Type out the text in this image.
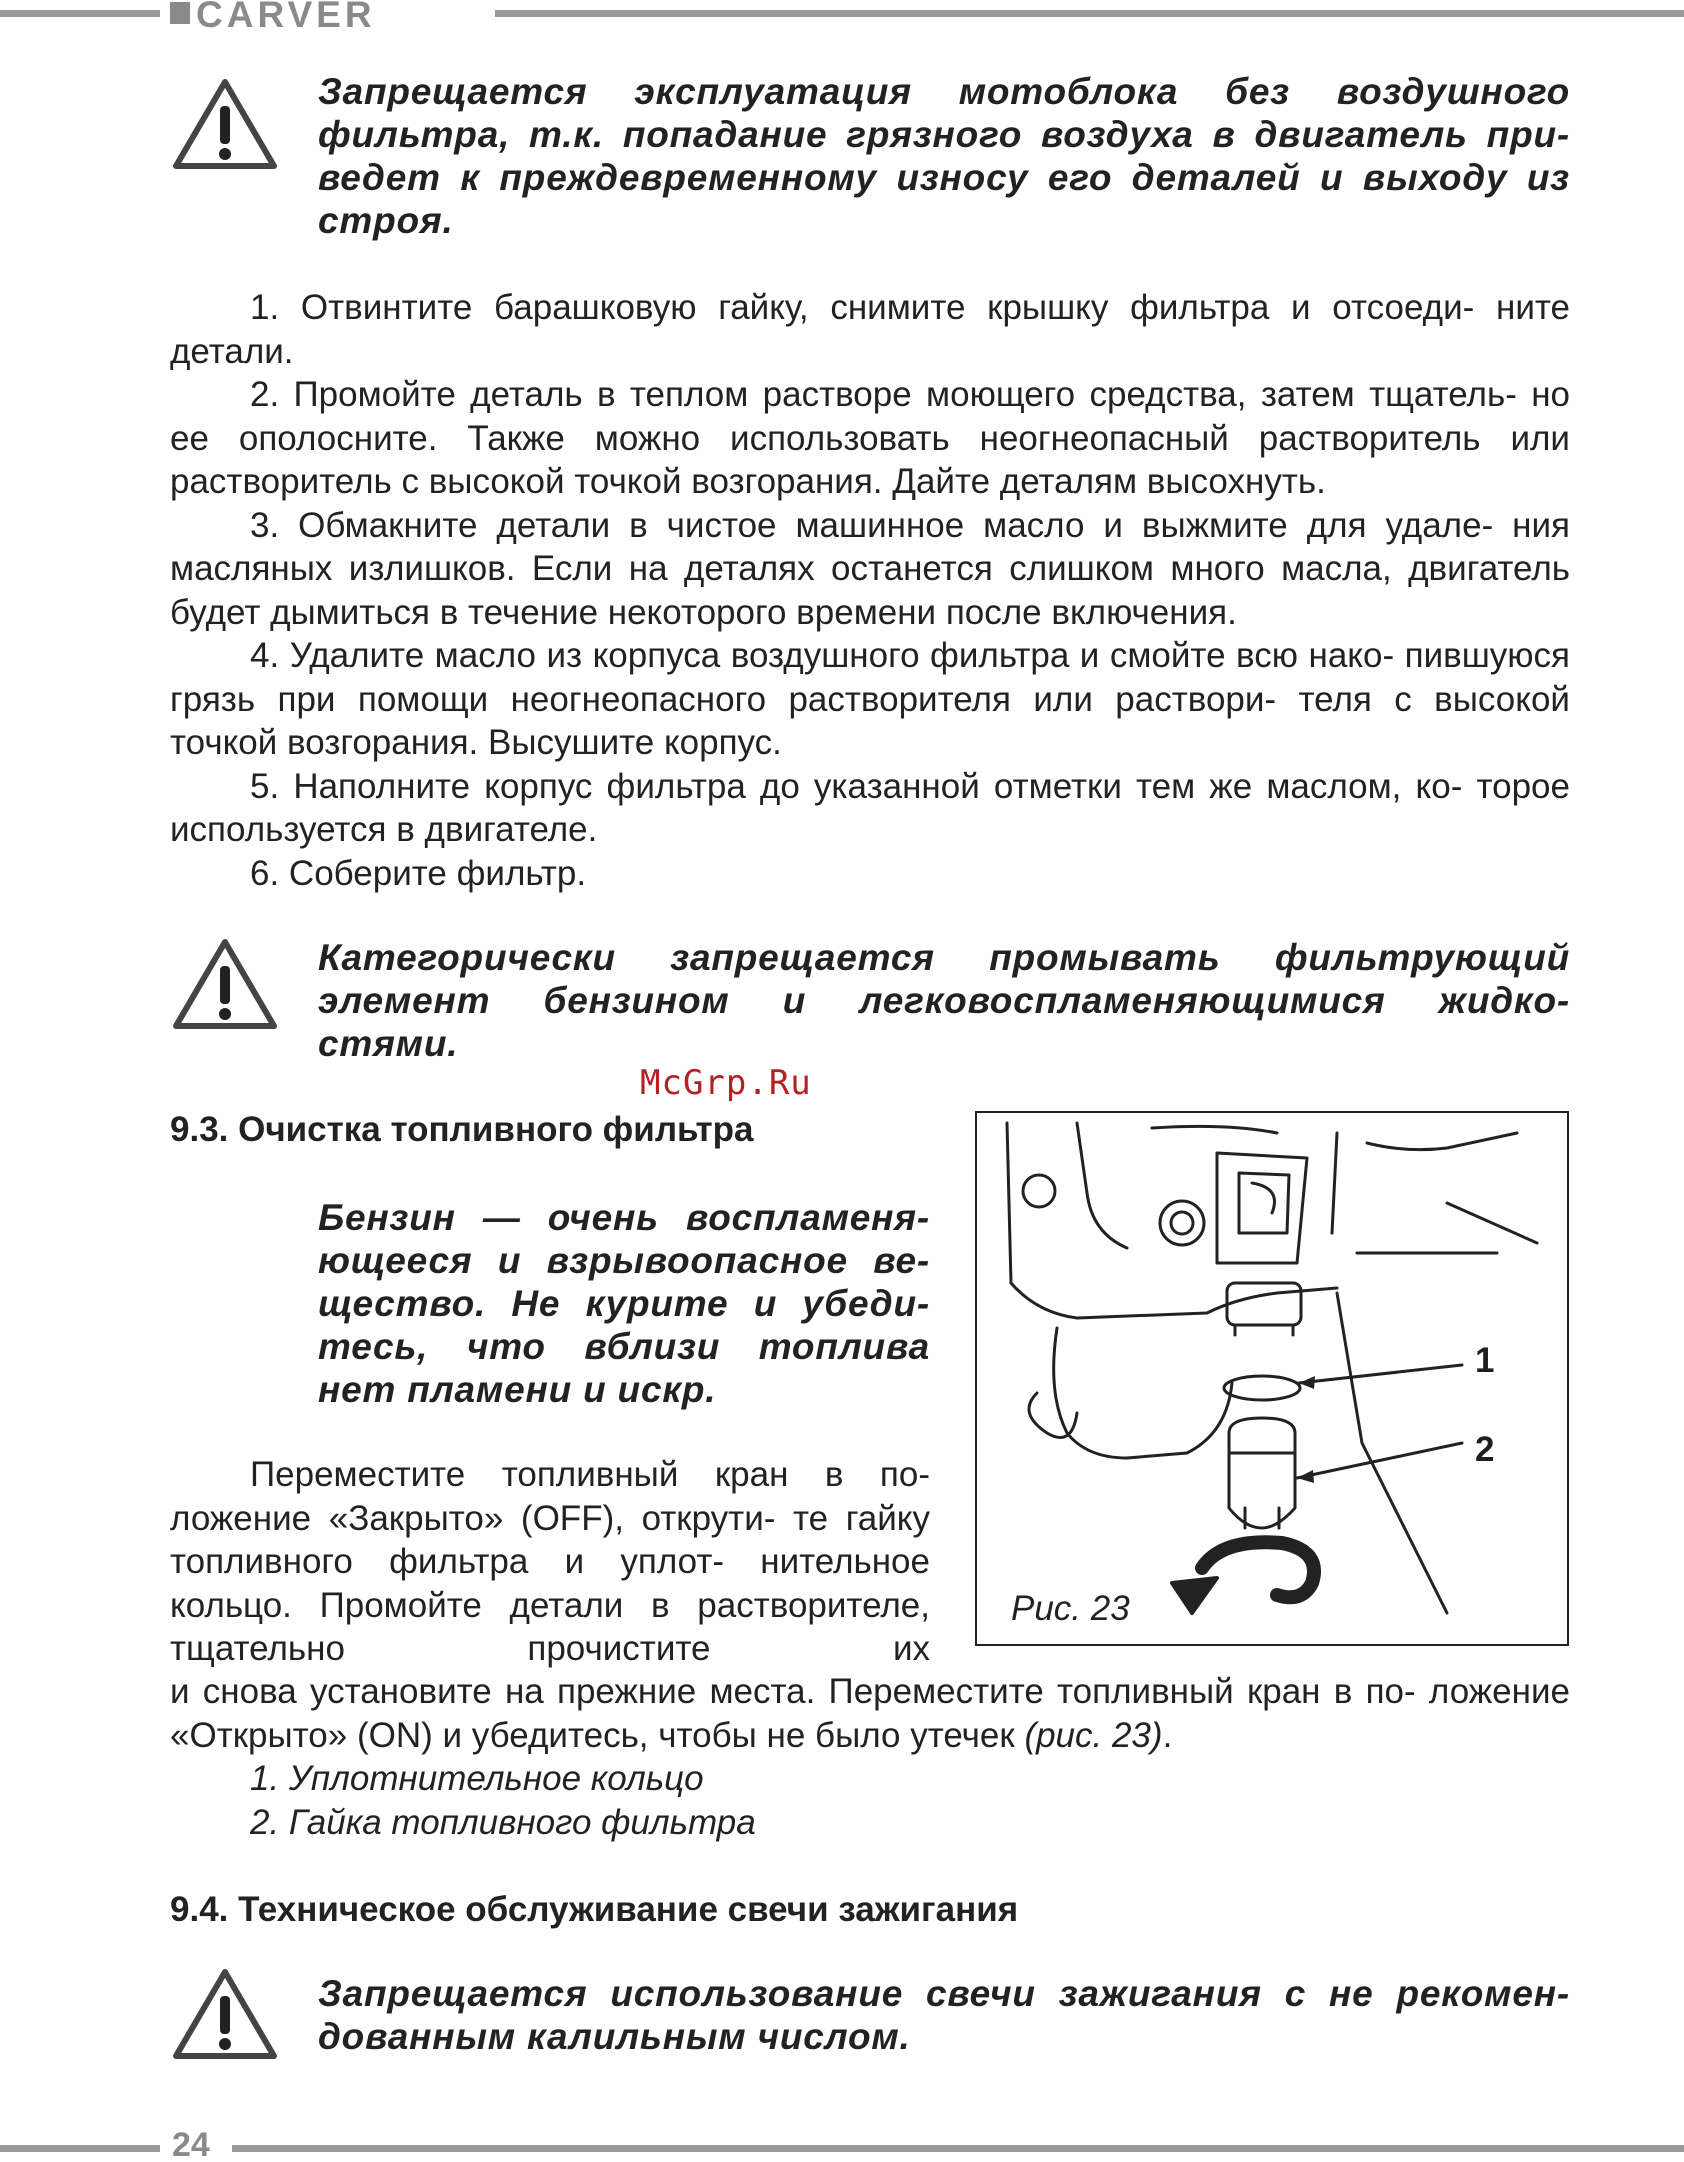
CARVER
Запрещается эксплуатация мотоблока без воздушного
фильтра, т.к. попадание грязного воздуха в двигатель при-
ведет к преждевременному износу его деталей и выходу из
строя.

1. Отвинтите барашковую гайку, снимите крышку фильтра и отсоеди- ните детали.

2. Промойте деталь в теплом растворе моющего средства, затем тщатель- но ее ополосните. Также можно использовать неогнеопасный растворитель или растворитель с высокой точкой возгорания. Дайте деталям высохнуть.

3. Обмакните детали в чистое машинное масло и выжмите для удале- ния масляных излишков. Если на деталях останется слишком много масла, двигатель будет дымиться в течение некоторого времени после включения.

4. Удалите масло из корпуса воздушного фильтра и смойте всю нако- пившуюся грязь при помощи неогнеопасного растворителя или раствори- теля с высокой точкой возгорания. Высушите корпус.

5. Наполните корпус фильтра до указанной отметки тем же маслом, ко- торое используется в двигателе.

6. Соберите фильтр.

Категорически запрещается промывать фильтрующий
элемент бензином и легковоспламеняющимися жидко-
стями.
McGrp.Ru
9.3. Очистка топливного фильтра
Бензин — очень воспламеня-
ющееся и взрывоопасное ве-
щество. Не курите и убеди-
тесь, что вблизи топлива
нет пламени и искр.

Переместите топливный кран в по- ложение «Закрыто» (OFF), открути- те гайку топливного фильтра и уплот- нительное кольцо. Промойте детали в растворителе, тщательно прочистите их

и снова установите на прежние места. Переместите топливный кран в по- ложение «Открыто» (ON) и убедитесь, чтобы не было утечек (рис. 23).

1. Уплотнительное кольцо

2. Гайка топливного фильтра

1
2
Рис. 23
9.4. Техническое обслуживание свечи зажигания
Запрещается использование свечи зажигания с не рекомен-
дованным калильным числом.
24
